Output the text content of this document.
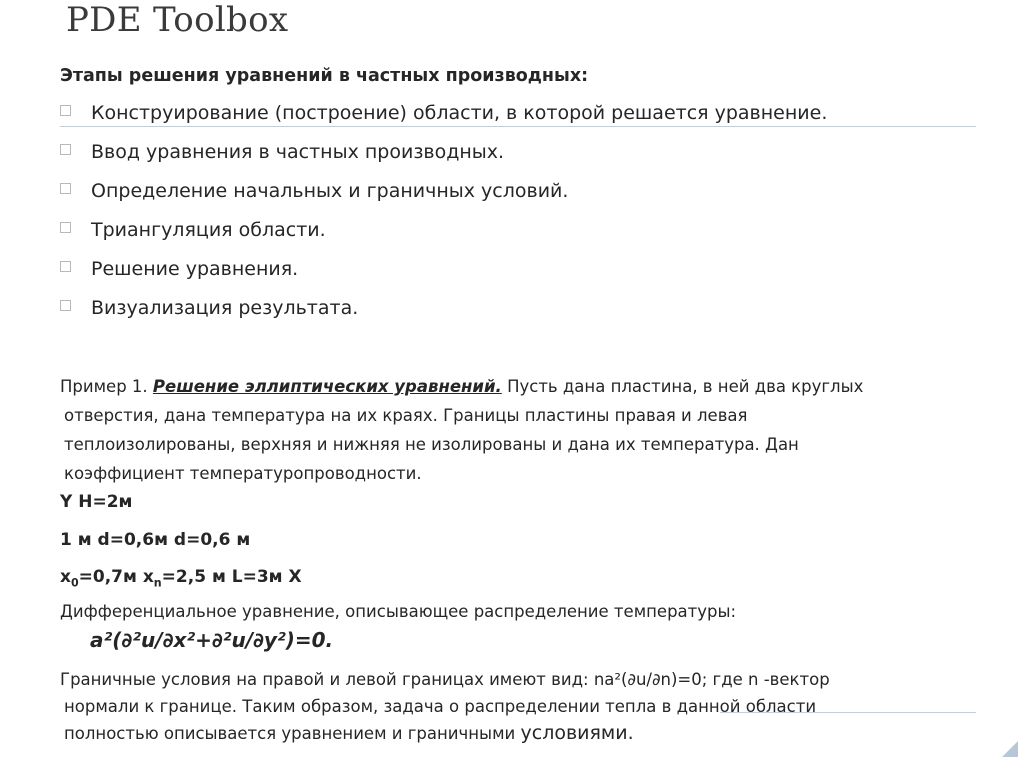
PDE Toolbox
Этапы решения уравнений в частных производных:
Конструирование (построение) области, в которой решается уравнение.
Ввод уравнения в частных производных.
Определение начальных и граничных условий.
Триангуляция области.
Решение уравнения.
Визуализация результата.
Пример 1. Решение эллиптических уравнений. Пусть дана пластина, в ней два круглых
отверстия, дана температура на их краях. Границы пластины правая и левая
теплоизолированы, верхняя и нижняя не изолированы и дана их температура. Дан
коэффициент температуропроводности.
Y H=2м
1 м d=0,6м d=0,6 м
$x_0=0,7м$ $x_n=2,5$ м L=3м X
Дифференциальное уравнение, описывающее распределение температуры:
a²(∂²u/∂x²+∂²u/∂y²)=0.
Граничные условия на правой и левой границах имеют вид: na²(∂u/∂n)=0; где n -вектор
нормали к границе. Таким образом, задача о распределении тепла в данной области
полностью описывается уравнением и граничными условиями.
